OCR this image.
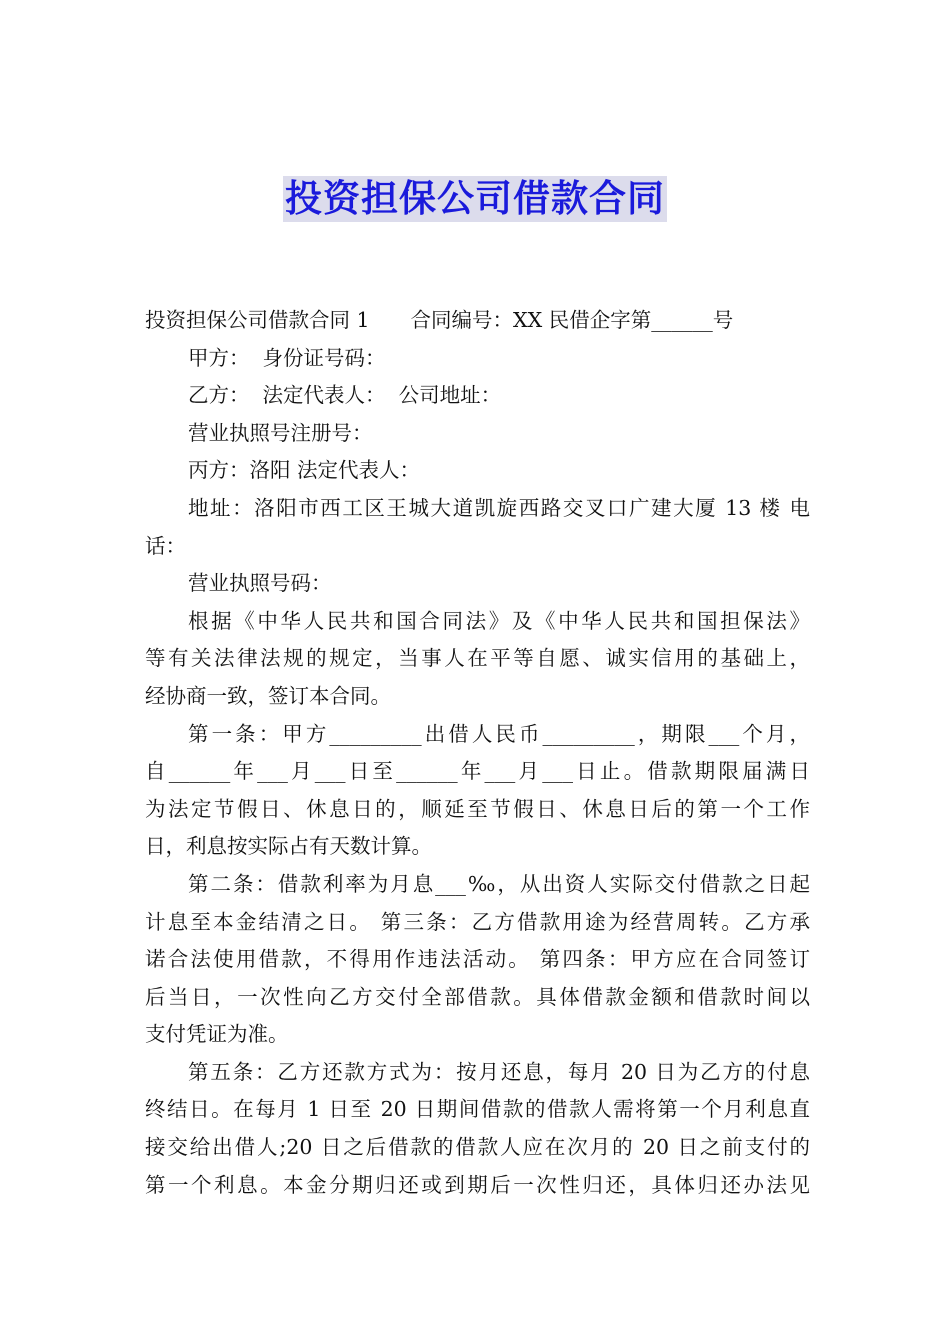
投资担保公司借款合同
投资担保公司借款合同 1　　合同编号：XX 民借企字第______号
甲方：  身份证号码：
乙方：  法定代表人：  公司地址：
营业执照号注册号：
丙方：洛阳 法定代表人：
地址：洛阳市西工区王城大道凯旋西路交叉口广建大厦 13 楼 电
话：
营业执照号码：
根据《中华人民共和国合同法》及《中华人民共和国担保法》
等有关法律法规的规定，当事人在平等自愿、诚实信用的基础上，
经协商一致，签订本合同。
第一条：甲方_________出借人民币_________，期限___个月，
自______年___月___日至______年___月___日止。借款期限届满日
为法定节假日、休息日的，顺延至节假日、休息日后的第一个工作
日，利息按实际占有天数计算。
第二条：借款利率为月息___‰，从出资人实际交付借款之日起
计息至本金结清之日。 第三条：乙方借款用途为经营周转。乙方承
诺合法使用借款，不得用作违法活动。 第四条：甲方应在合同签订
后当日，一次性向乙方交付全部借款。具体借款金额和借款时间以
支付凭证为准。
第五条：乙方还款方式为：按月还息，每月 20 日为乙方的付息
终结日。在每月 1 日至 20 日期间借款的借款人需将第一个月利息直
接交给出借人;20 日之后借款的借款人应在次月的 20 日之前支付的
第一个利息。本金分期归还或到期后一次性归还，具体归还办法见
